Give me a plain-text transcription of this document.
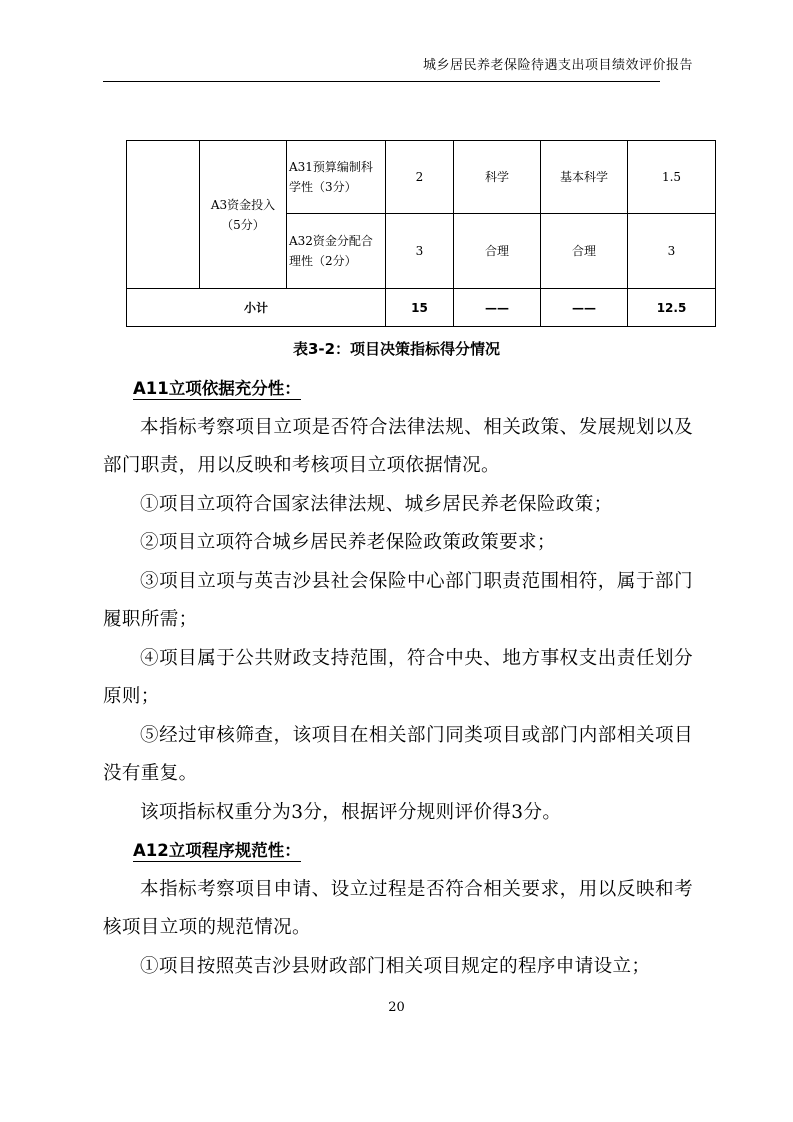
城乡居民养老保险待遇支出项目绩效评价报告
	A3资金投入（5分）	A31预算编制科学性（3分）	2	科学	基本科学	1.5
		A32资金分配合理性（2分）	3	合理	合理	3
小计			15	——	——	12.5
表3-2：项目决策指标得分情况

A11立项依据充分性：

本指标考察项目立项是否符合法律法规、相关政策、发展规划以及部门职责，用以反映和考核项目立项依据情况。

①项目立项符合国家法律法规、城乡居民养老保险政策；

②项目立项符合城乡居民养老保险政策政策要求；

③项目立项与英吉沙县社会保险中心部门职责范围相符，属于部门履职所需；

④项目属于公共财政支持范围，符合中央、地方事权支出责任划分原则；

⑤经过审核筛查，该项目在相关部门同类项目或部门内部相关项目没有重复。

该项指标权重分为3分，根据评分规则评价得3分。

A12立项程序规范性：

本指标考察项目申请、设立过程是否符合相关要求，用以反映和考核项目立项的规范情况。

①项目按照英吉沙县财政部门相关项目规定的程序申请设立；

20
